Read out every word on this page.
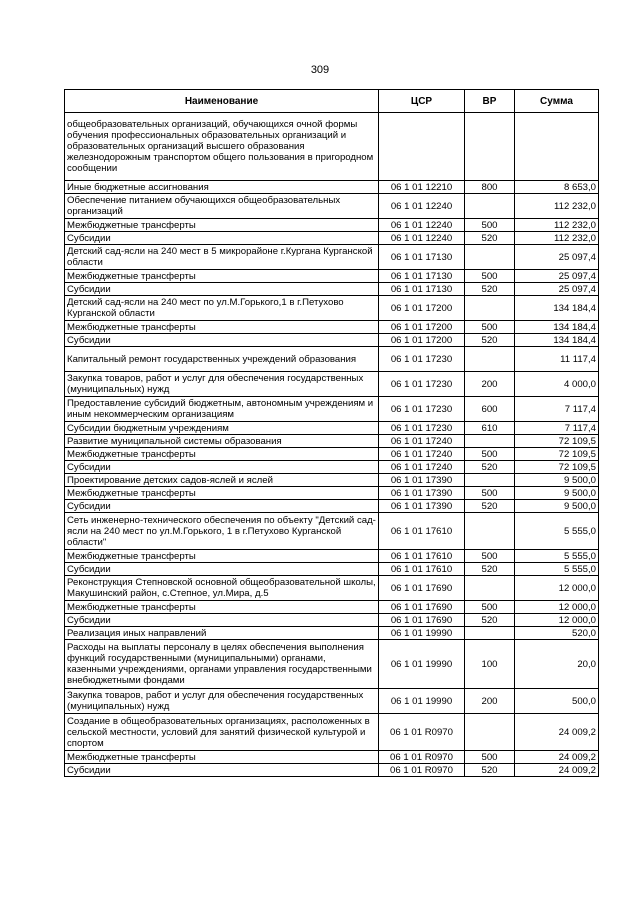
309
Наименование	ЦСР	ВР	Сумма
общеобразовательных организаций, обучающихся очной формы обучения профессиональных образовательных организаций и образовательных организаций высшего образования железнодорожным транспортом общего пользования в пригородном сообщении			
Иные бюджетные ассигнования	06 1 01 12210	800	8 653,0
Обеспечение питанием обучающихся общеобразовательных организаций	06 1 01 12240		112 232,0
Межбюджетные трансферты	06 1 01 12240	500	112 232,0
Субсидии	06 1 01 12240	520	112 232,0
Детский сад-ясли на 240 мест в 5 микрорайоне г.Кургана Курганской области	06 1 01 17130		25 097,4
Межбюджетные трансферты	06 1 01 17130	500	25 097,4
Субсидии	06 1 01 17130	520	25 097,4
Детский сад-ясли на 240 мест по ул.М.Горького,1 в г.Петухово Курганской области	06 1 01 17200		134 184,4
Межбюджетные трансферты	06 1 01 17200	500	134 184,4
Субсидии	06 1 01 17200	520	134 184,4
Капитальный ремонт государственных учреждений образования	06 1 01 17230		11 117,4
Закупка товаров, работ и услуг для обеспечения государственных (муниципальных) нужд	06 1 01 17230	200	4 000,0
Предоставление субсидий бюджетным, автономным учреждениям и иным некоммерческим организациям	06 1 01 17230	600	7 117,4
Субсидии бюджетным учреждениям	06 1 01 17230	610	7 117,4
Развитие муниципальной системы образования	06 1 01 17240		72 109,5
Межбюджетные трансферты	06 1 01 17240	500	72 109,5
Субсидии	06 1 01 17240	520	72 109,5
Проектирование детских садов-яслей и яслей	06 1 01 17390		9 500,0
Межбюджетные трансферты	06 1 01 17390	500	9 500,0
Субсидии	06 1 01 17390	520	9 500,0
Сеть инженерно-технического обеспечения по объекту "Детский сад-ясли на 240 мест по ул.М.Горького, 1 в г.Петухово Курганской области"	06 1 01 17610		5 555,0
Межбюджетные трансферты	06 1 01 17610	500	5 555,0
Субсидии	06 1 01 17610	520	5 555,0
Реконструкция Степновской основной общеобразовательной школы, Макушинский район, с.Степное, ул.Мира, д.5	06 1 01 17690		12 000,0
Межбюджетные трансферты	06 1 01 17690	500	12 000,0
Субсидии	06 1 01 17690	520	12 000,0
Реализация иных направлений	06 1 01 19990		520,0
Расходы на выплаты персоналу в целях обеспечения выполнения функций государственными (муниципальными) органами, казенными учреждениями, органами управления государственными внебюджетными фондами	06 1 01 19990	100	20,0
Закупка товаров, работ и услуг для обеспечения государственных (муниципальных) нужд	06 1 01 19990	200	500,0
Создание в общеобразовательных организациях, расположенных в сельской местности, условий для занятий физической культурой и спортом	06 1 01 R0970		24 009,2
Межбюджетные трансферты	06 1 01 R0970	500	24 009,2
Субсидии	06 1 01 R0970	520	24 009,2
